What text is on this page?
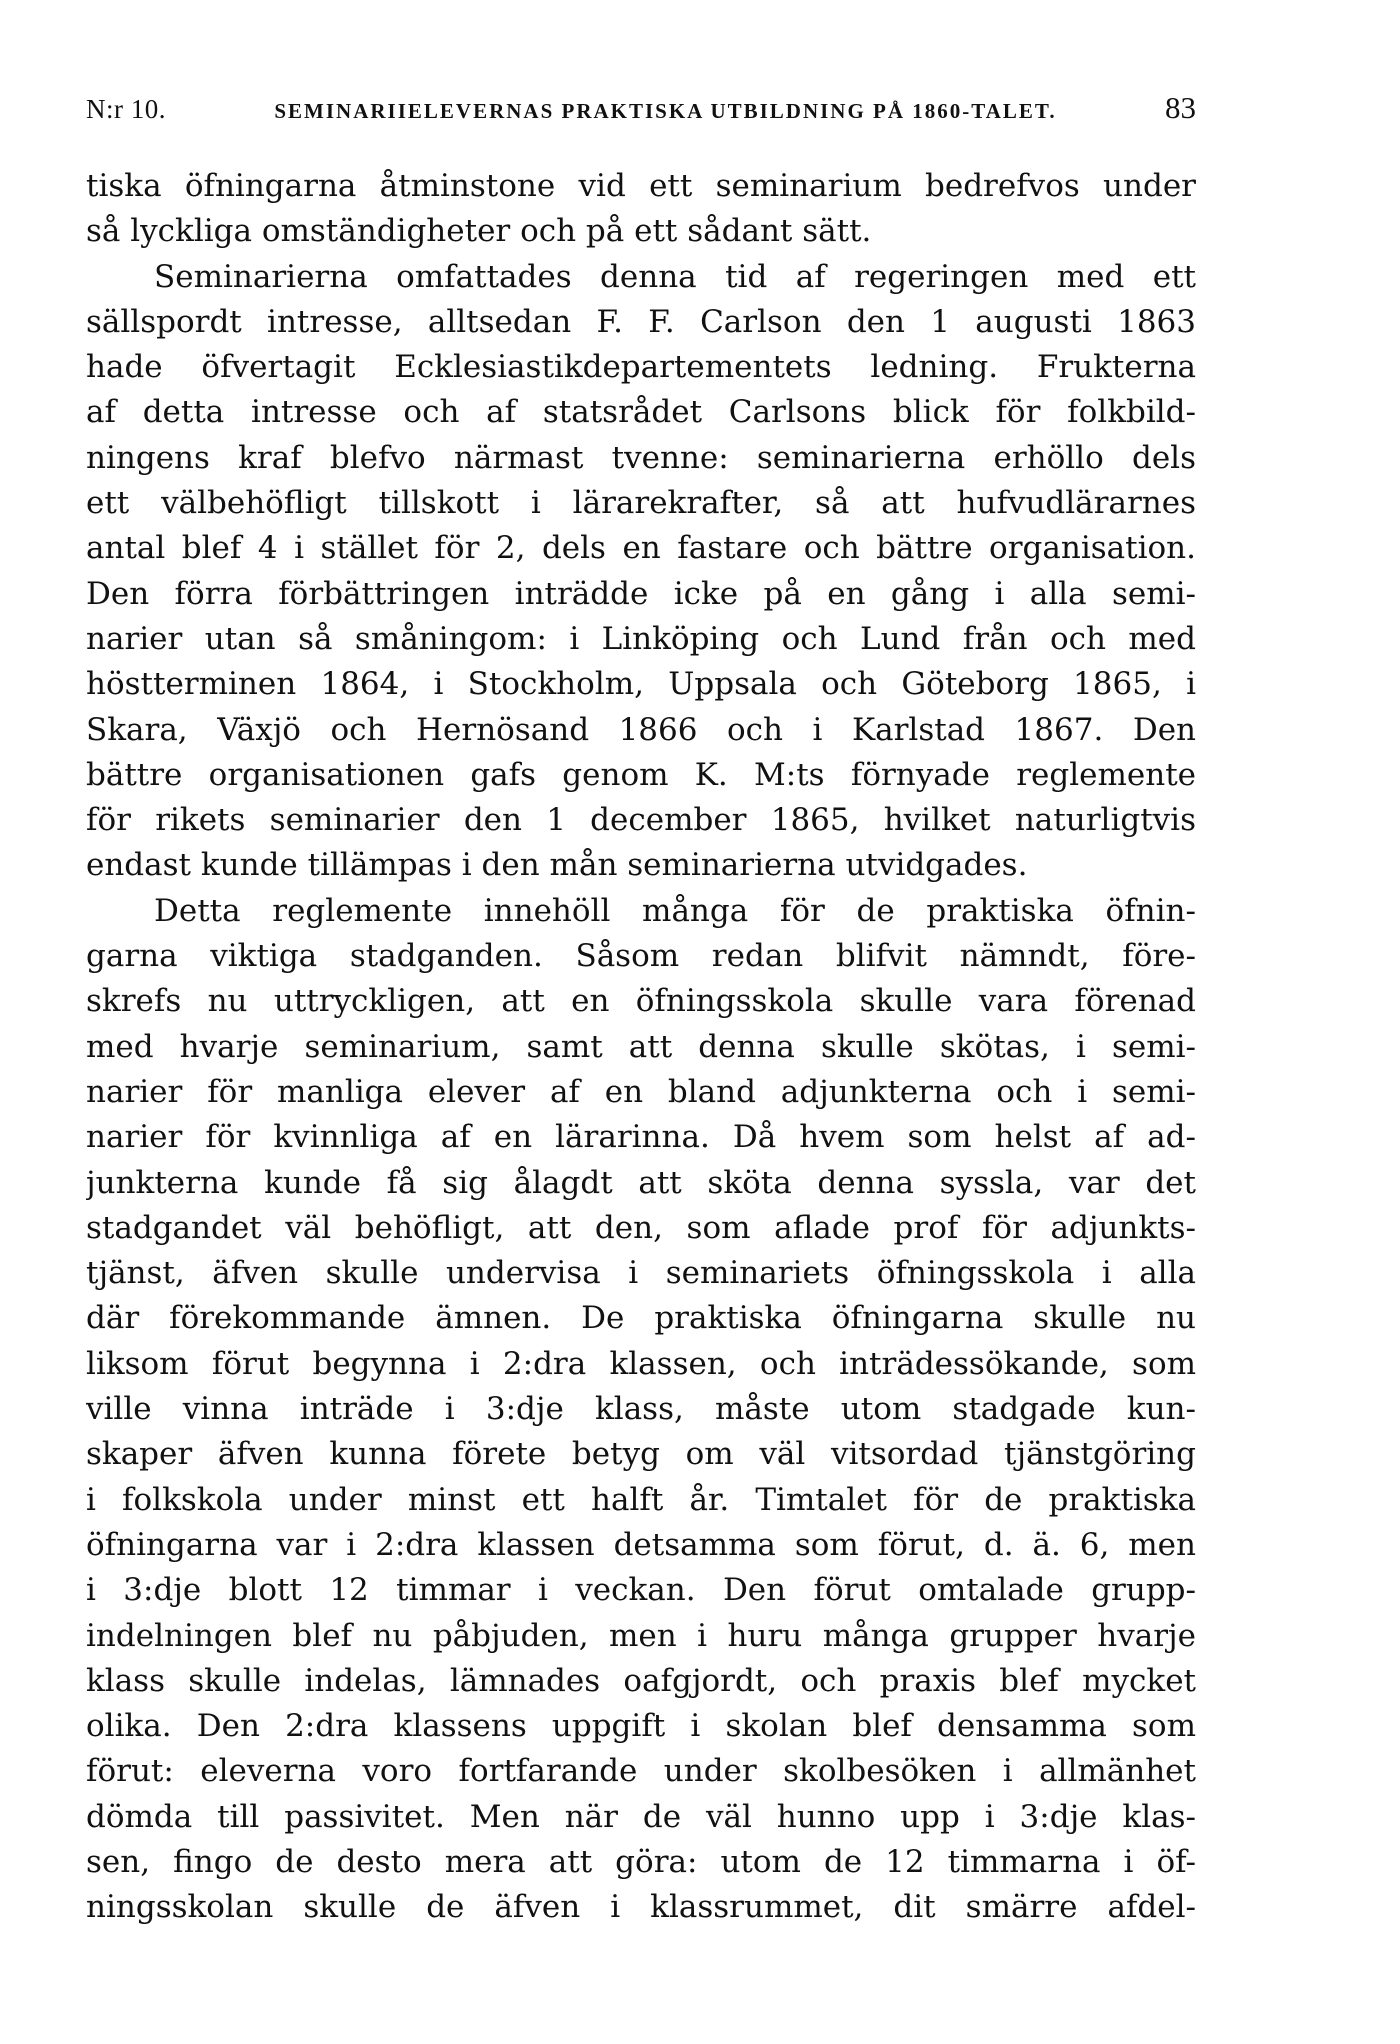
N:r 10.	SEMINARIIELEVERNAS PRAKTISKA UTBILDNING PÅ 1860-TALET.	83
tiska öfningarna åtminstone vid ett seminarium bedrefvos under
så lyckliga omständigheter och på ett sådant sätt.
Seminarierna omfattades denna tid af regeringen med ett
sällspordt intresse, alltsedan F. F. Carlson den 1 augusti 1863
hade öfvertagit Ecklesiastikdepartementets ledning. Frukterna
af detta intresse och af statsrådet Carlsons blick för folkbild-
ningens kraf blefvo närmast tvenne: seminarierna erhöllo dels
ett välbehöfligt tillskott i lärarekrafter, så att hufvudlärarnes
antal blef 4 i stället för 2, dels en fastare och bättre organisation.
Den förra förbättringen inträdde icke på en gång i alla semi-
narier utan så småningom: i Linköping och Lund från och med
höstterminen 1864, i Stockholm, Uppsala och Göteborg 1865, i
Skara, Växjö och Hernösand 1866 och i Karlstad 1867. Den
bättre organisationen gafs genom K. M:ts förnyade reglemente
för rikets seminarier den 1 december 1865, hvilket naturligtvis
endast kunde tillämpas i den mån seminarierna utvidgades.
Detta reglemente innehöll många för de praktiska öfnin-
garna viktiga stadganden. Såsom redan blifvit nämndt, före-
skrefs nu uttryckligen, att en öfningsskola skulle vara förenad
med hvarje seminarium, samt att denna skulle skötas, i semi-
narier för manliga elever af en bland adjunkterna och i semi-
narier för kvinnliga af en lärarinna. Då hvem som helst af ad-
junkterna kunde få sig ålagdt att sköta denna syssla, var det
stadgandet väl behöfligt, att den, som aflade prof för adjunkts-
tjänst, äfven skulle undervisa i seminariets öfningsskola i alla
där förekommande ämnen. De praktiska öfningarna skulle nu
liksom förut begynna i 2:dra klassen, och inträdessökande, som
ville vinna inträde i 3:dje klass, måste utom stadgade kun-
skaper äfven kunna förete betyg om väl vitsordad tjänstgöring
i folkskola under minst ett halft år. Timtalet för de praktiska
öfningarna var i 2:dra klassen detsamma som förut, d. ä. 6, men
i 3:dje blott 12 timmar i veckan. Den förut omtalade grupp-
indelningen blef nu påbjuden, men i huru många grupper hvarje
klass skulle indelas, lämnades oafgjordt, och praxis blef mycket
olika. Den 2:dra klassens uppgift i skolan blef densamma som
förut: eleverna voro fortfarande under skolbesöken i allmänhet
dömda till passivitet. Men när de väl hunno upp i 3:dje klas-
sen, fingo de desto mera att göra: utom de 12 timmarna i öf-
ningsskolan skulle de äfven i klassrummet, dit smärre afdel-
